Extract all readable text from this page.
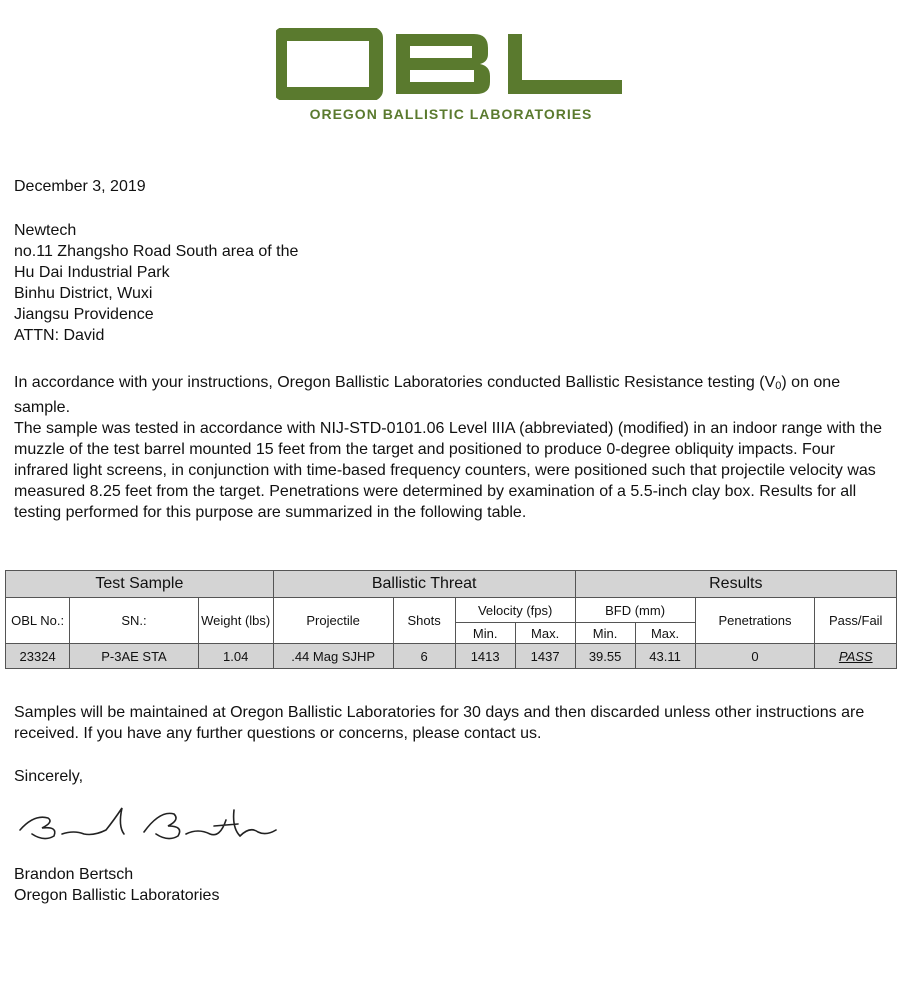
OREGON BALLISTIC LABORATORIES
December 3, 2019
Newtech
no.11 Zhangsho Road South area of the
Hu Dai Industrial Park
Binhu District, Wuxi
Jiangsu Providence
ATTN: David

In accordance with your instructions, Oregon Ballistic Laboratories conducted Ballistic Resistance testing (V0) on one sample.

The sample was tested in accordance with NIJ-STD-0101.06 Level IIIA (abbreviated) (modified) in an indoor range with the muzzle of the test barrel mounted 15 feet from the target and positioned to produce 0-degree obliquity impacts. Four infrared light screens, in conjunction with time-based frequency counters, were positioned such that projectile velocity was measured 8.25 feet from the target. Penetrations were determined by examination of a 5.5-inch clay box. Results for all testing performed for this purpose are summarized in the following table.

Test Sample			Ballistic Threat				Results			
OBL No.:	SN.:	Weight (lbs)	Projectile	Shots	Velocity (fps)		BFD (mm)		Penetrations	Pass/Fail
					Min.	Max.	Min.	Max.		
23324	P-3AE STA	1.04	.44 Mag SJHP	6	1413	1437	39.55	43.11	0	PASS
Samples will be maintained at Oregon Ballistic Laboratories for 30 days and then discarded unless other instructions are received. If you have any further questions or concerns, please contact us.
Sincerely,
Brandon Bertsch
Oregon Ballistic Laboratories
